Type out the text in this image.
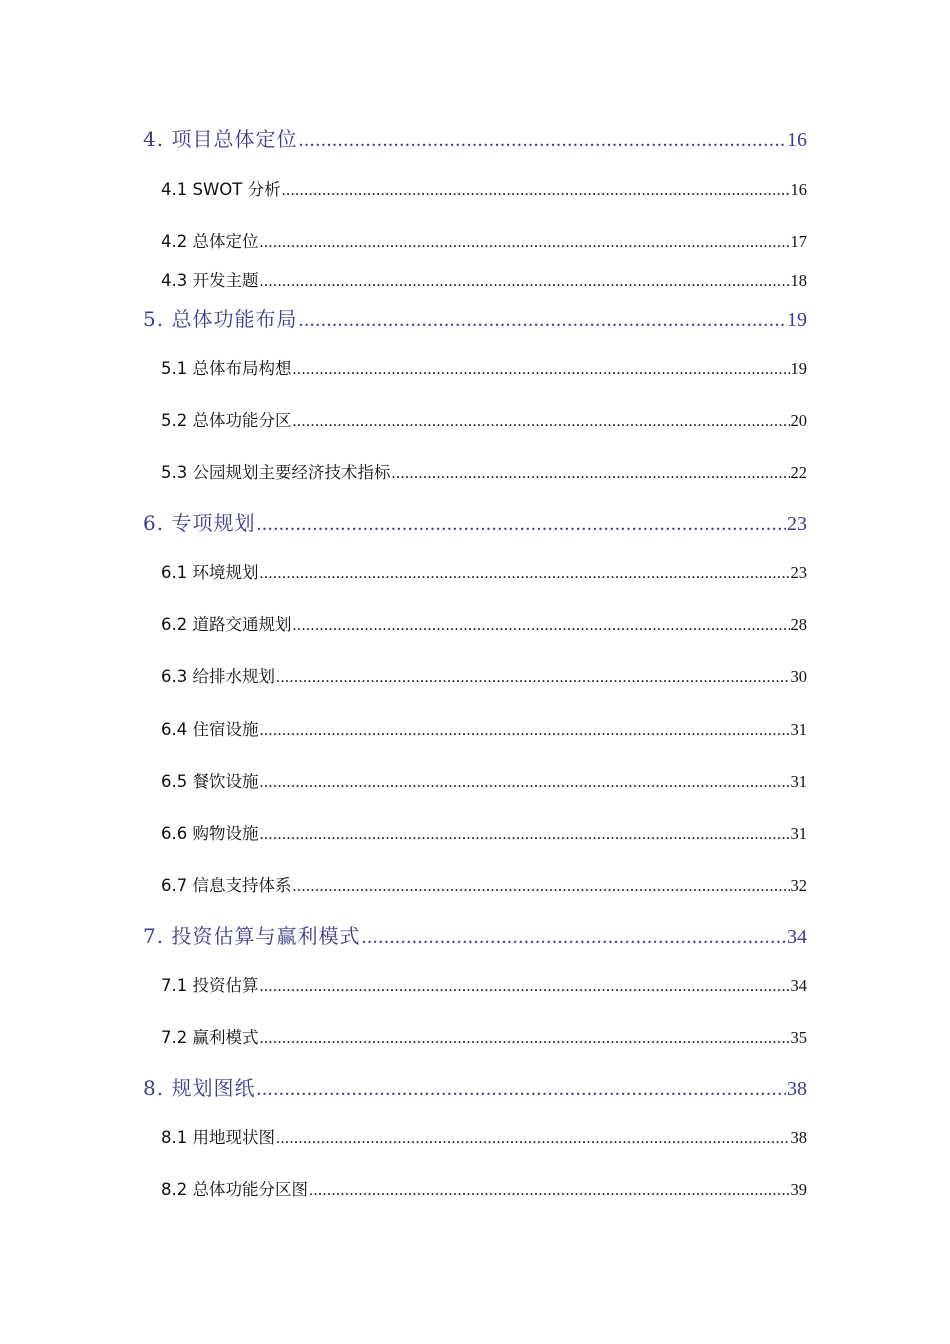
4. 项目总体定位 .....	16
4.1 SWOT 分析 .....	16
4.2 总体定位 .....	17
4.3 开发主题 .....	18
5. 总体功能布局 .....	19
5.1 总体布局构想 .....	19
5.2 总体功能分区 .....	20
5.3 公园规划主要经济技术指标 .....	22
6. 专项规划 .....	23
6.1 环境规划 .....	23
6.2 道路交通规划 .....	28
6.3 给排水规划 .....	30
6.4 住宿设施 .....	31
6.5 餐饮设施 .....	31
6.6 购物设施 .....	31
6.7 信息支持体系 .....	32
7. 投资估算与赢利模式 .....	34
7.1 投资估算 .....	34
7.2 赢利模式 .....	35
8. 规划图纸 .....	38
8.1 用地现状图 .....	38
8.2 总体功能分区图 .....	39
